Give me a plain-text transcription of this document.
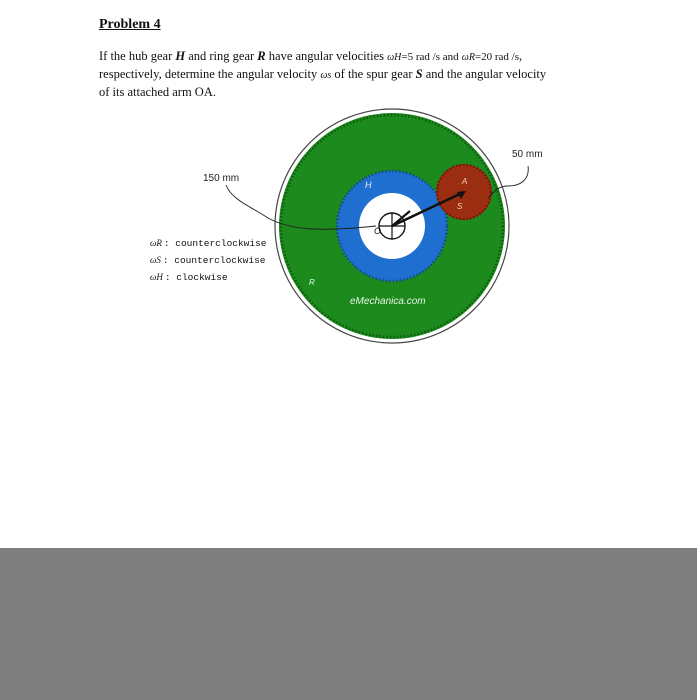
Problem 4
If the hub gear H and ring gear R have angular velocities ωH=5 rad /s and ωR=20 rad /s,
respectively, determine the angular velocity ωs of the spur gear S and the angular velocity
of its attached arm OA.
150 mm
50 mm
H
O
A
S
R
eMechanica.com
ωR : counterclockwise
ωS : counterclockwise
ωH : clockwise
